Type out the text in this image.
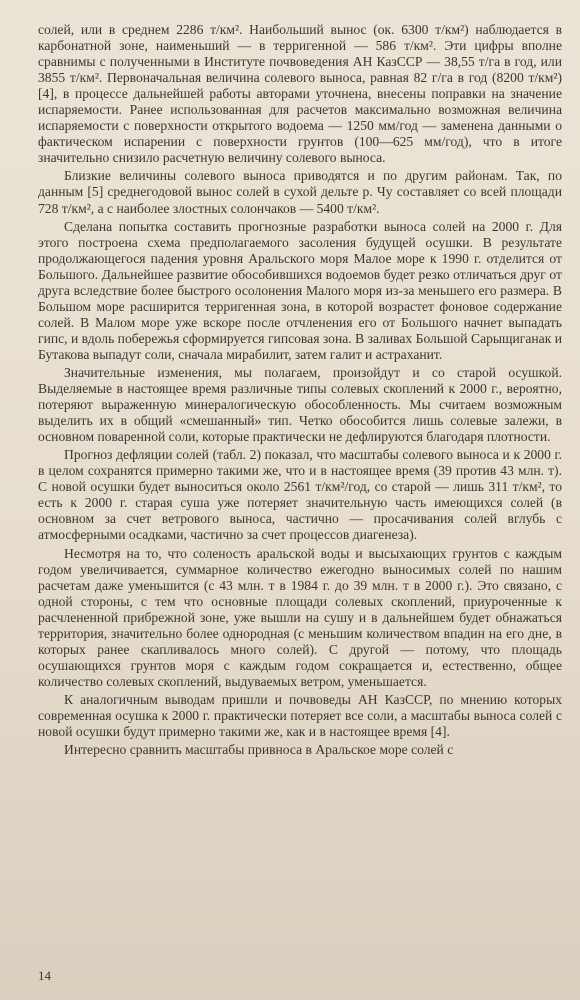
солей, или в среднем 2286 т/км². Наибольший вынос (ок. 6300 т/км²) наблюдается в карбонатной зоне, наименьший — в терригенной — 586 т/км². Эти цифры вполне сравнимы с полученными в Институте почвоведения АН КазССР — 38,55 т/га в год, или 3855 т/км². Первоначальная величина солевого выноса, равная 82 г/га в год (8200 т/км²) [4], в процессе дальнейшей работы авторами уточнена, внесены поправки на значение испаряемости. Ранее использованная для расчетов максимально возможная величина испаряемости с поверхности открытого водоема — 1250 мм/год — заменена данными о фактическом испарении с поверхности грунтов (100—625 мм/год), что в итоге значительно снизило расчетную величину солевого выноса.

Близкие величины солевого выноса приводятся и по другим районам. Так, по данным [5] среднегодовой вынос солей в сухой дельте р. Чу составляет со всей площади 728 т/км², а с наиболее злостных солончаков — 5400 т/км².

Сделана попытка составить прогнозные разработки выноса солей на 2000 г. Для этого построена схема предполагаемого засоления будущей осушки. В результате продолжающегося падения уровня Аральского моря Малое море к 1990 г. отделится от Большого. Дальнейшее развитие обособившихся водоемов будет резко отличаться друг от друга вследствие более быстрого осолонения Малого моря из-за меньшего его размера. В Большом море расширится терригенная зона, в которой возрастет фоновое содержание солей. В Малом море уже вскоре после отчленения его от Большого начнет выпадать гипс, и вдоль побережья сформируется гипсовая зона. В заливах Большой Сарыщиганак и Бутакова выпадут соли, сначала мирабилит, затем галит и астраханит.

Значительные изменения, мы полагаем, произойдут и со старой осушкой. Выделяемые в настоящее время различные типы солевых скоплений к 2000 г., вероятно, потеряют выраженную минералогическую обособленность. Мы считаем возможным выделить их в общий «смешанный» тип. Четко обособится лишь солевые залежи, в основном поваренной соли, которые практически не дефлируются благодаря плотности.

Прогноз дефляции солей (табл. 2) показал, что масштабы солевого выноса и к 2000 г. в целом сохранятся примерно такими же, что и в настоящее время (39 против 43 млн. т). С новой осушки будет выноситься около 2561 т/км²/год, со старой — лишь 311 т/км², то есть к 2000 г. старая суша уже потеряет значительную часть имеющихся солей (в основном за счет ветрового выноса, частично — просачивания солей вглубь с атмосферными осадками, частично за счет процессов диагенеза).

Несмотря на то, что соленость аральской воды и высыхающих грунтов с каждым годом увеличивается, суммарное количество ежегодно выносимых солей по нашим расчетам даже уменьшится (с 43 млн. т в 1984 г. до 39 млн. т в 2000 г.). Это связано, с одной стороны, с тем что основные площади солевых скоплений, приуроченные к расчлененной прибрежной зоне, уже вышли на сушу и в дальнейшем будет обнажаться территория, значительно более однородная (с меньшим количеством впадин на его дне, в которых ранее скапливалось много солей). С другой — потому, что площадь осушающихся грунтов моря с каждым годом сокращается и, естественно, общее количество солевых скоплений, выдуваемых ветром, уменьшается.

К аналогичным выводам пришли и почвоведы АН КазССР, по мнению которых современная осушка к 2000 г. практически потеряет все соли, а масштабы выноса солей с новой осушки будут примерно такими же, как и в настоящее время [4].

Интересно сравнить масштабы привноса в Аральское море солей с

14
